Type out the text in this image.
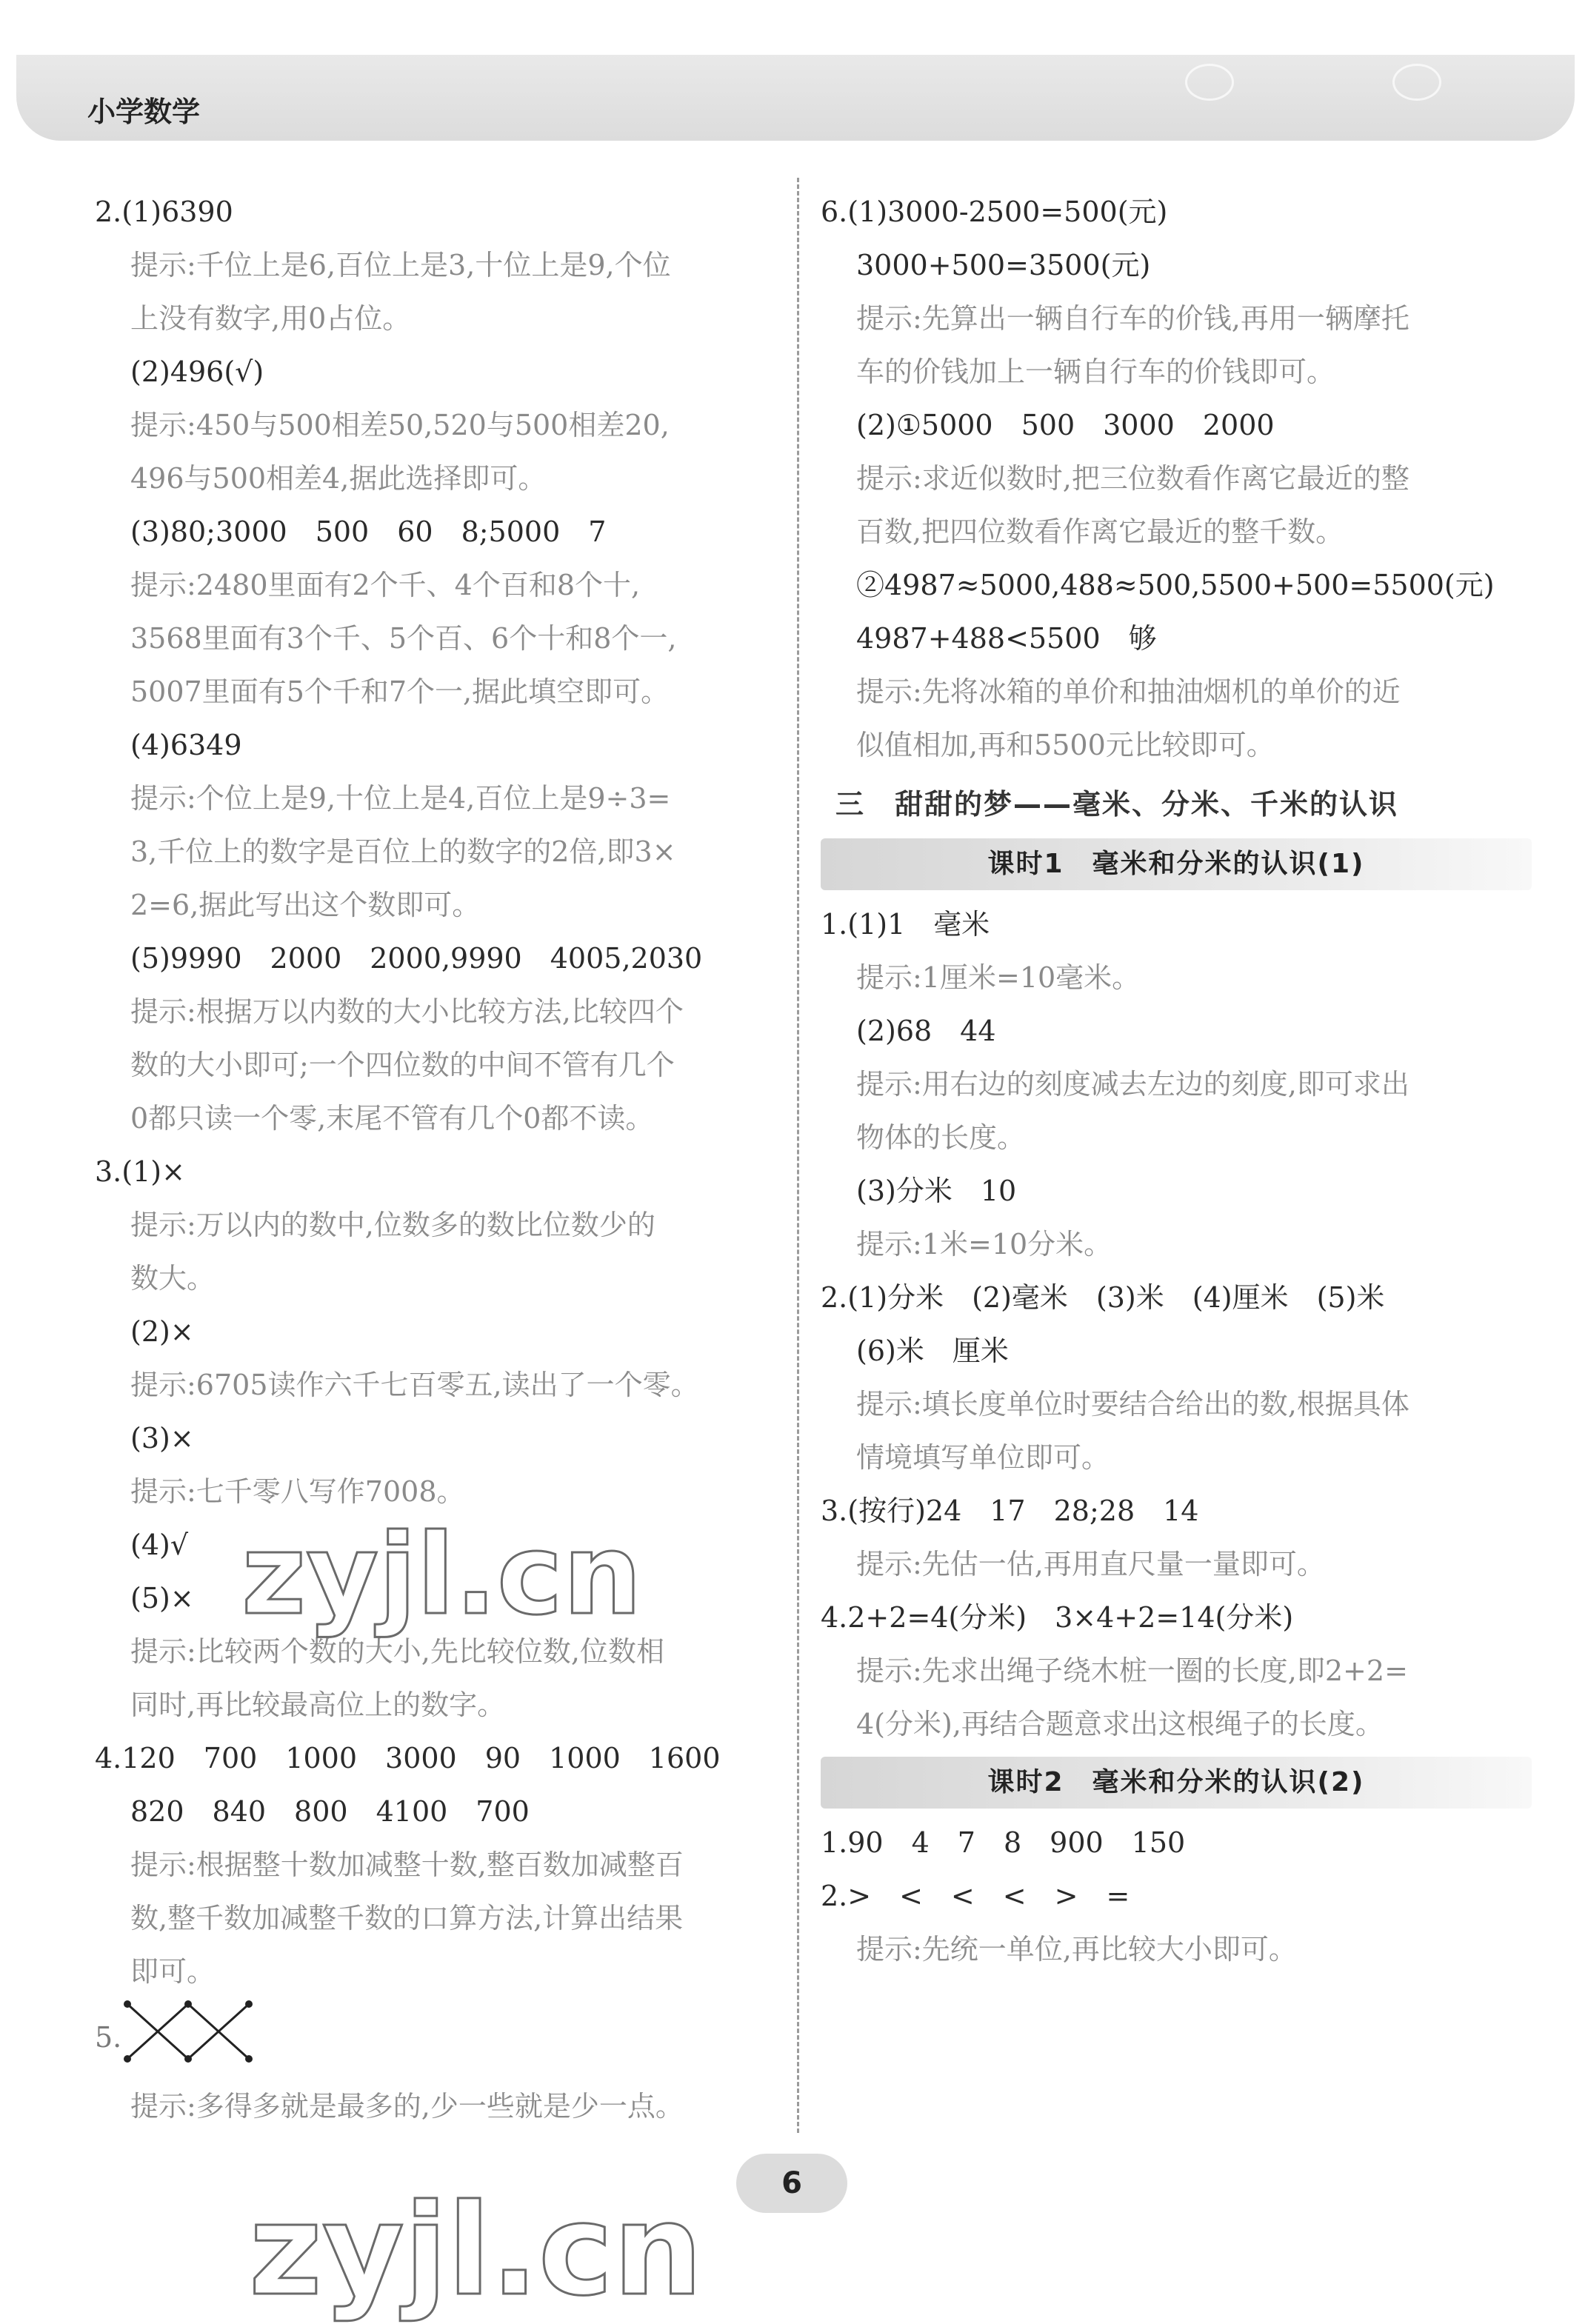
小学数学
2.(1)6390
提示:千位上是6,百位上是3,十位上是9,个位
上没有数字,用0占位。
(2)496(√)
提示:450与500相差50,520与500相差20,
496与500相差4,据此选择即可。
(3)80;3000　500　60　8;5000　7
提示:2480里面有2个千、4个百和8个十,
3568里面有3个千、5个百、6个十和8个一,
5007里面有5个千和7个一,据此填空即可。
(4)6349
提示:个位上是9,十位上是4,百位上是9÷3=
3,千位上的数字是百位上的数字的2倍,即3×
2=6,据此写出这个数即可。
(5)9990　2000　2000,9990　4005,2030
提示:根据万以内数的大小比较方法,比较四个
数的大小即可;一个四位数的中间不管有几个
0都只读一个零,末尾不管有几个0都不读。
3.(1)×
提示:万以内的数中,位数多的数比位数少的
数大。
(2)×
提示:6705读作六千七百零五,读出了一个零。
(3)×
提示:七千零八写作7008。
(4)√
(5)×
提示:比较两个数的大小,先比较位数,位数相
同时,再比较最高位上的数字。
4.120　700　1000　3000　90　1000　1600
820　840　800　4100　700
提示:根据整十数加减整十数,整百数加减整百
数,整千数加减整千数的口算方法,计算出结果
即可。
5.
提示:多得多就是最多的,少一些就是少一点。
6.(1)3000-2500=500(元)
3000+500=3500(元)
提示:先算出一辆自行车的价钱,再用一辆摩托
车的价钱加上一辆自行车的价钱即可。
(2)①5000　500　3000　2000
提示:求近似数时,把三位数看作离它最近的整
百数,把四位数看作离它最近的整千数。
②4987≈5000,488≈500,5500+500=5500(元)
4987+488<5500　够
提示:先将冰箱的单价和抽油烟机的单价的近
似值相加,再和5500元比较即可。
三　甜甜的梦——毫米、分米、千米的认识
课时1　毫米和分米的认识(1)
1.(1)1　毫米
提示:1厘米=10毫米。
(2)68　44
提示:用右边的刻度减去左边的刻度,即可求出
物体的长度。
(3)分米　10
提示:1米=10分米。
2.(1)分米　(2)毫米　(3)米　(4)厘米　(5)米
(6)米　厘米
提示:填长度单位时要结合给出的数,根据具体
情境填写单位即可。
3.(按行)24　17　28;28　14
提示:先估一估,再用直尺量一量即可。
4.2+2=4(分米)　3×4+2=14(分米)
提示:先求出绳子绕木桩一圈的长度,即2+2=
4(分米),再结合题意求出这根绳子的长度。
课时2　毫米和分米的认识(2)
1.90　4　7　8　900　150
2.>　<　<　<　>　=
提示:先统一单位,再比较大小即可。
zyjl.cn
zyjl.cn	6
